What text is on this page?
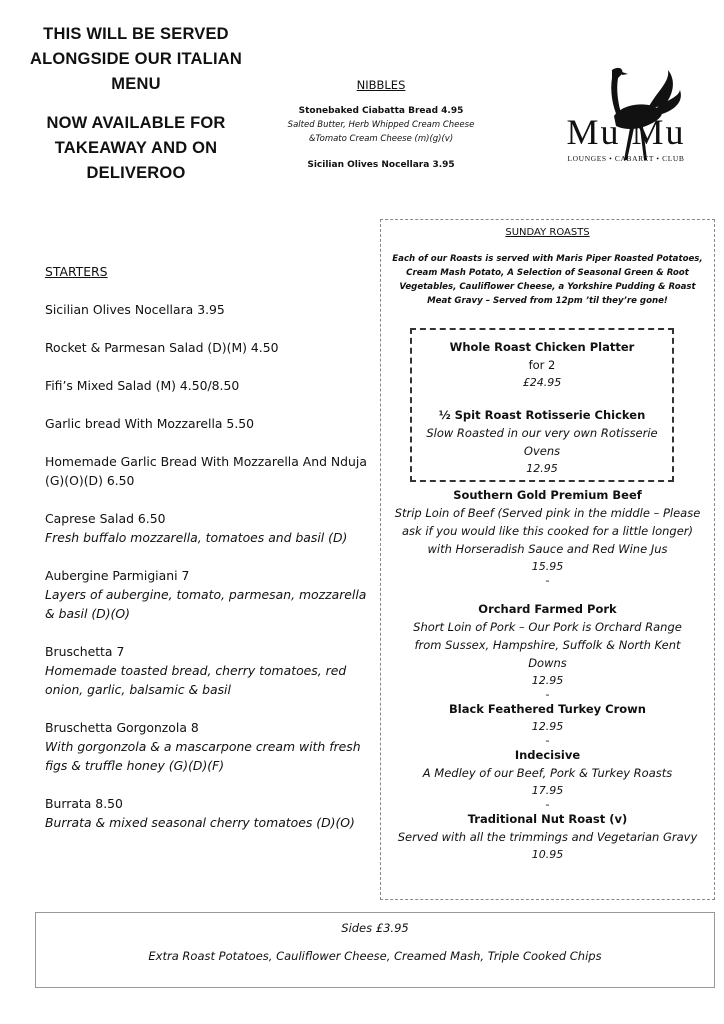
THIS WILL BE SERVED
ALONGSIDE OUR ITALIAN
MENU
NOW AVAILABLE FOR
TAKEAWAY AND ON
DELIVEROO
NIBBLES
Stonebaked Ciabatta Bread 4.95
Salted Butter, Herb Whipped Cream Cheese
&Tomato Cream Cheese (m)(g)(v)
Sicilian Olives Nocellara 3.95
Mu Mu
LOUNGES • CABARET • CLUB
STARTERS
Sicilian Olives Nocellara 3.95
Rocket & Parmesan Salad (D)(M) 4.50
Fifi’s Mixed Salad (M) 4.50/8.50
Garlic bread With Mozzarella 5.50
Homemade Garlic Bread With Mozzarella And Nduja (G)(O)(D) 6.50
Caprese Salad 6.50
Fresh buffalo mozzarella, tomatoes and basil (D)
Aubergine Parmigiani 7
Layers of aubergine, tomato, parmesan, mozzarella & basil (D)(O)
Bruschetta 7
Homemade toasted bread, cherry tomatoes, red onion, garlic, balsamic & basil
Bruschetta Gorgonzola 8
With gorgonzola & a mascarpone cream with fresh figs & truffle honey (G)(D)(F)
Burrata 8.50
Burrata & mixed seasonal cherry tomatoes (D)(O)
SUNDAY ROASTS
Each of our Roasts is served with Maris Piper Roasted Potatoes, Cream Mash Potato, A Selection of Seasonal Green & Root Vegetables, Cauliflower Cheese, a Yorkshire Pudding & Roast Meat Gravy – Served from 12pm ’til they’re gone!
Whole Roast Chicken Platter
for 2
£24.95
½ Spit Roast Rotisserie Chicken
Slow Roasted in our very own Rotisserie Ovens
12.95
Southern Gold Premium Beef
Strip Loin of Beef (Served pink in the middle – Please ask if you would like this cooked for a little longer) with Horseradish Sauce and Red Wine Jus
15.95
-
Orchard Farmed Pork
Short Loin of Pork – Our Pork is Orchard Range from Sussex, Hampshire, Suffolk & North Kent Downs
12.95
-
Black Feathered Turkey Crown
12.95
-
Indecisive
A Medley of our Beef, Pork & Turkey Roasts
17.95
-
Traditional Nut Roast (v)
Served with all the trimmings and Vegetarian Gravy
10.95
Sides £3.95
Extra Roast Potatoes, Cauliflower Cheese, Creamed Mash, Triple Cooked Chips
